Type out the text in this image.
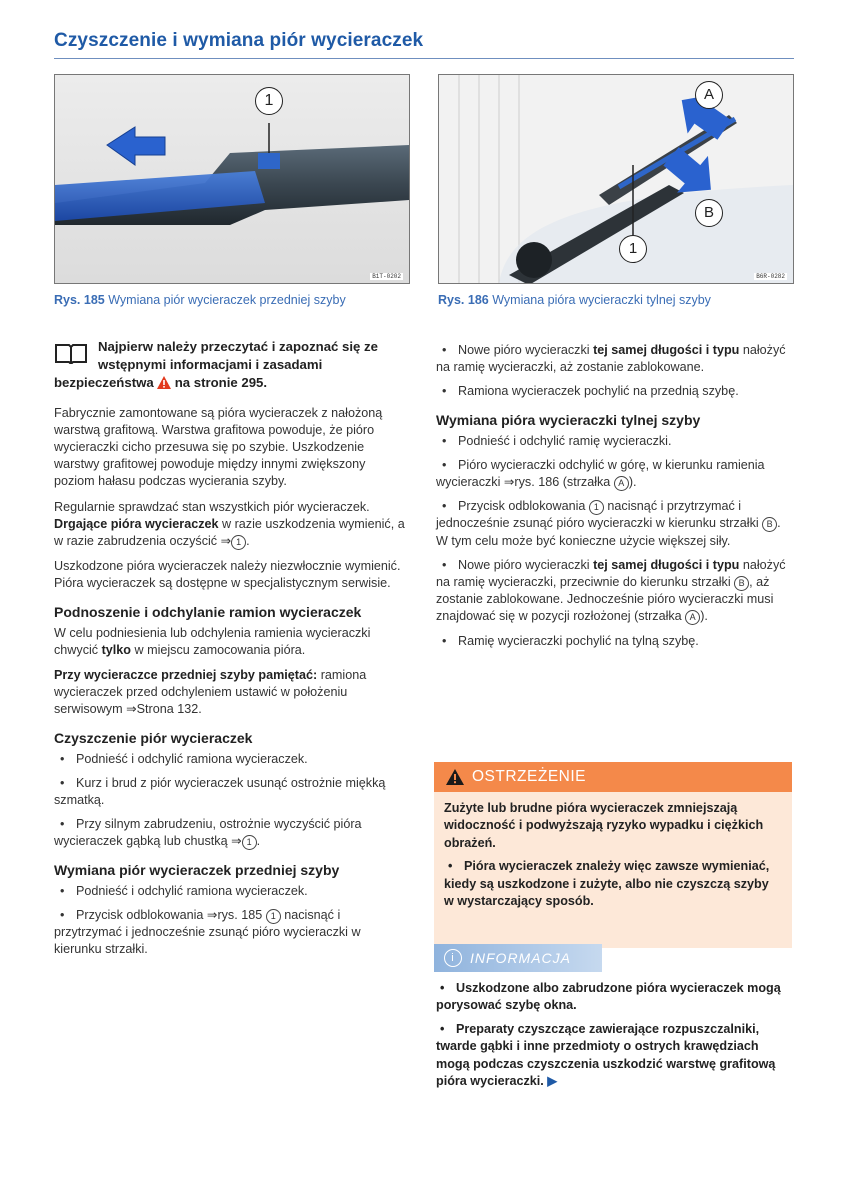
Czyszczenie i wymiana piór wycieraczek
1
B1T-0202
Rys. 185 Wymiana piór wycieraczek przedniej szyby
A
B
1
B6R-0282
Rys. 186 Wymiana pióra wycieraczki tylnej szyby
Najpierw należy przeczytać i zapoznać się ze wstępnymi informacjami i zasadami bezpieczeństwa na stronie 295.

Fabrycznie zamontowane są pióra wycieraczek z nałożoną warstwą grafitową. Warstwa grafitowa powoduje, że pióro wycieraczki cicho przesuwa się po szybie. Uszkodzenie warstwy grafitowej powoduje między innymi zwiększony poziom hałasu podczas wycierania szyby.

Regularnie sprawdzać stan wszystkich piór wycieraczek. Drgające pióra wycieraczek w razie uszkodzenia wymienić, a w razie zabrudzenia oczyścić ⇒ 1 .

Uszkodzone pióra wycieraczek należy niezwłocznie wymienić. Pióra wycieraczek są dostępne w specjalistycznym serwisie.

Podnoszenie i odchylanie ramion wycieraczek

W celu podniesienia lub odchylenia ramienia wycieraczki chwycić tylko w miejscu zamocowania pióra.

Przy wycieraczce przedniej szyby pamiętać: ramiona wycieraczek przed odchyleniem ustawić w położeniu serwisowym ⇒Strona 132.

Czyszczenie piór wycieraczek
• Podnieść i odchylić ramiona wycieraczek.
• Kurz i brud z piór wycieraczek usunąć ostrożnie miękką szmatką.
• Przy silnym zabrudzeniu, ostrożnie wyczyścić pióra wycieraczek gąbką lub chustką ⇒ 1 .
Wymiana piór wycieraczek przedniej szyby
• Podnieść i odchylić ramiona wycieraczek.
• Przycisk odblokowania ⇒rys. 185 1 nacisnąć i przytrzymać i jednocześnie zsunąć pióro wycieraczki w kierunku strzałki.
• Nowe pióro wycieraczki tej samej długości i typu nałożyć na ramię wycieraczki, aż zostanie zablokowane.
• Ramiona wycieraczek pochylić na przednią szybę.
Wymiana pióra wycieraczki tylnej szyby
• Podnieść i odchylić ramię wycieraczki.
• Pióro wycieraczki odchylić w górę, w kierunku ramienia wycieraczki ⇒rys. 186 (strzałka A ).
• Przycisk odblokowania 1 nacisnąć i przytrzymać i jednocześnie zsunąć pióro wycieraczki w kierunku strzałki B . W tym celu może być konieczne użycie większej siły.
• Nowe pióro wycieraczki tej samej długości i typu nałożyć na ramię wycieraczki, przeciwnie do kierunku strzałki B , aż zostanie zablokowane. Jednocześnie pióro wycieraczki musi znajdować się w pozycji rozłożonej (strzałka A ).
• Ramię wycieraczki pochylić na tylną szybę.
OSTRZEŻENIE

Zużyte lub brudne pióra wycieraczek zmniejszają widoczność i podwyższają ryzyko wypadku i ciężkich obrażeń.

• Pióra wycieraczek znależy więc zawsze wymieniać, kiedy są uszkodzone i zużyte, albo nie czyszczą szyby w wystarczający sposób.

i	INFORMACJA

• Uszkodzone albo zabrudzone pióra wycieraczek mogą porysować szybę okna.

• Preparaty czyszczące zawierające rozpuszczalniki, twarde gąbki i inne przedmioty o ostrych krawędziach mogą podczas czyszczenia uszkodzić warstwę grafitową pióra wycieraczki. ▶
